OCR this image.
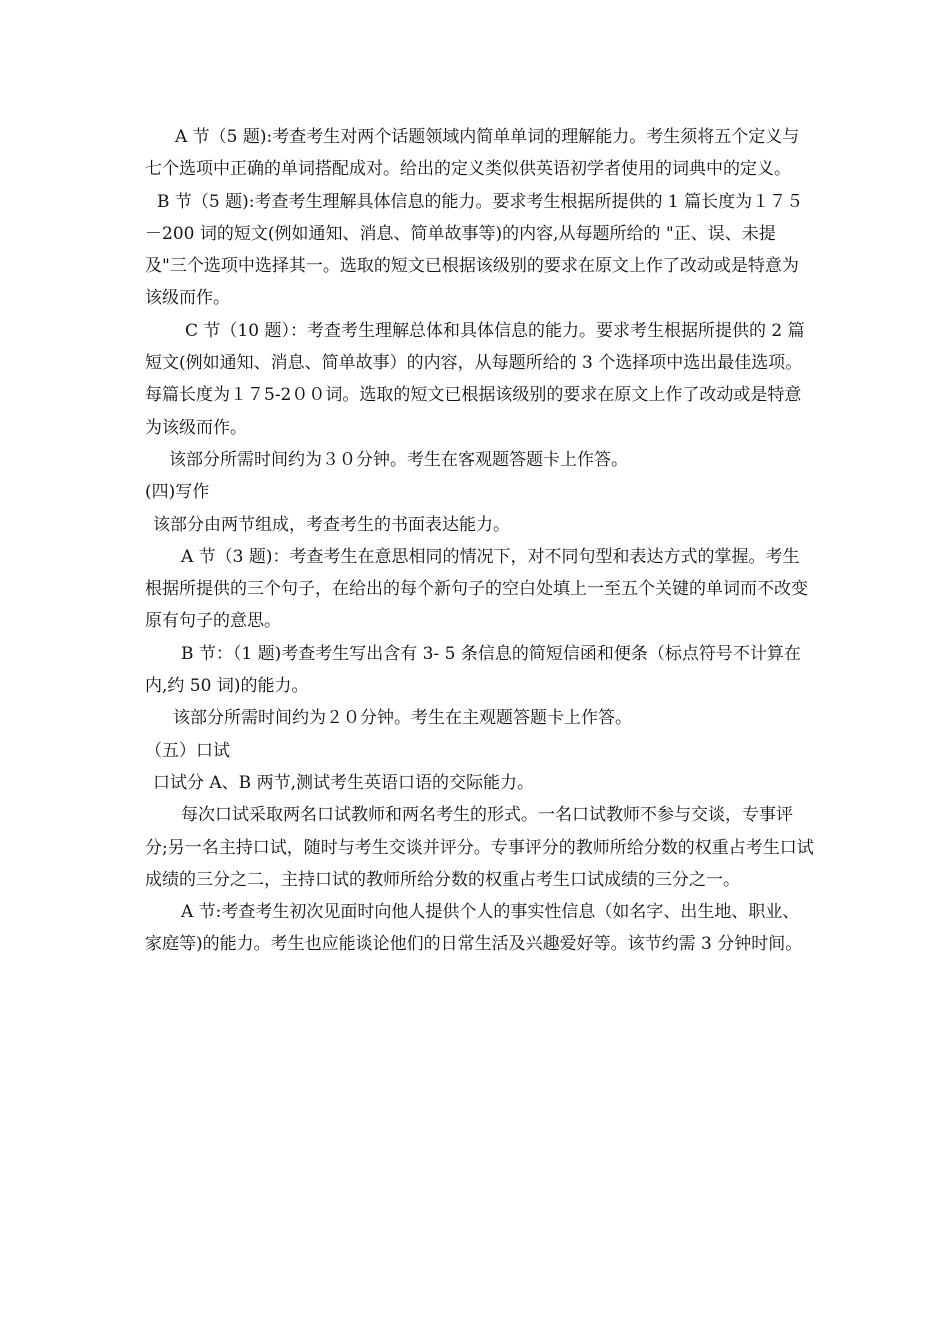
A 节（5 题):考查考生对两个话题领域内简单单词的理解能力。考生须将五个定义与七个选项中正确的单词搭配成对。给出的定义类似供英语初学者使用的词典中的定义。

B 节（5 题):考查考生理解具体信息的能力。要求考生根据所提供的 1 篇长度为１７５－200 词的短文(例如通知、消息、简单故事等)的内容,从每题所给的 "正、误、未提及"三个选项中选择其一。选取的短文已根据该级别的要求在原文上作了改动或是特意为该级而作。

C 节（10 题）：考查考生理解总体和具体信息的能力。要求考生根据所提供的 2 篇短文(例如通知、消息、简单故事）的内容，从每题所给的 3 个选择项中选出最佳选项。每篇长度为１７5-2００词。选取的短文已根据该级别的要求在原文上作了改动或是特意为该级而作。

该部分所需时间约为３０分钟。考生在客观题答题卡上作答。

(四)写作

该部分由两节组成，考查考生的书面表达能力。

A 节（3 题)：考查考生在意思相同的情况下，对不同句型和表达方式的掌握。考生根据所提供的三个句子，在给出的每个新句子的空白处填上一至五个关键的单词而不改变原有句子的意思。

B 节：（1 题)考查考生写出含有 3- 5 条信息的简短信函和便条（标点符号不计算在内,约 50 词)的能力。

该部分所需时间约为２０分钟。考生在主观题答题卡上作答。

（五）口试

口试分 A、B 两节,测试考生英语口语的交际能力。

每次口试采取两名口试教师和两名考生的形式。一名口试教师不参与交谈，专事评分;另一名主持口试，随时与考生交谈并评分。专事评分的教师所给分数的权重占考生口试成绩的三分之二，主持口试的教师所给分数的权重占考生口试成绩的三分之一。

A 节:考查考生初次见面时向他人提供个人的事实性信息（如名字、出生地、职业、家庭等)的能力。考生也应能谈论他们的日常生活及兴趣爱好等。该节约需 3 分钟时间。
